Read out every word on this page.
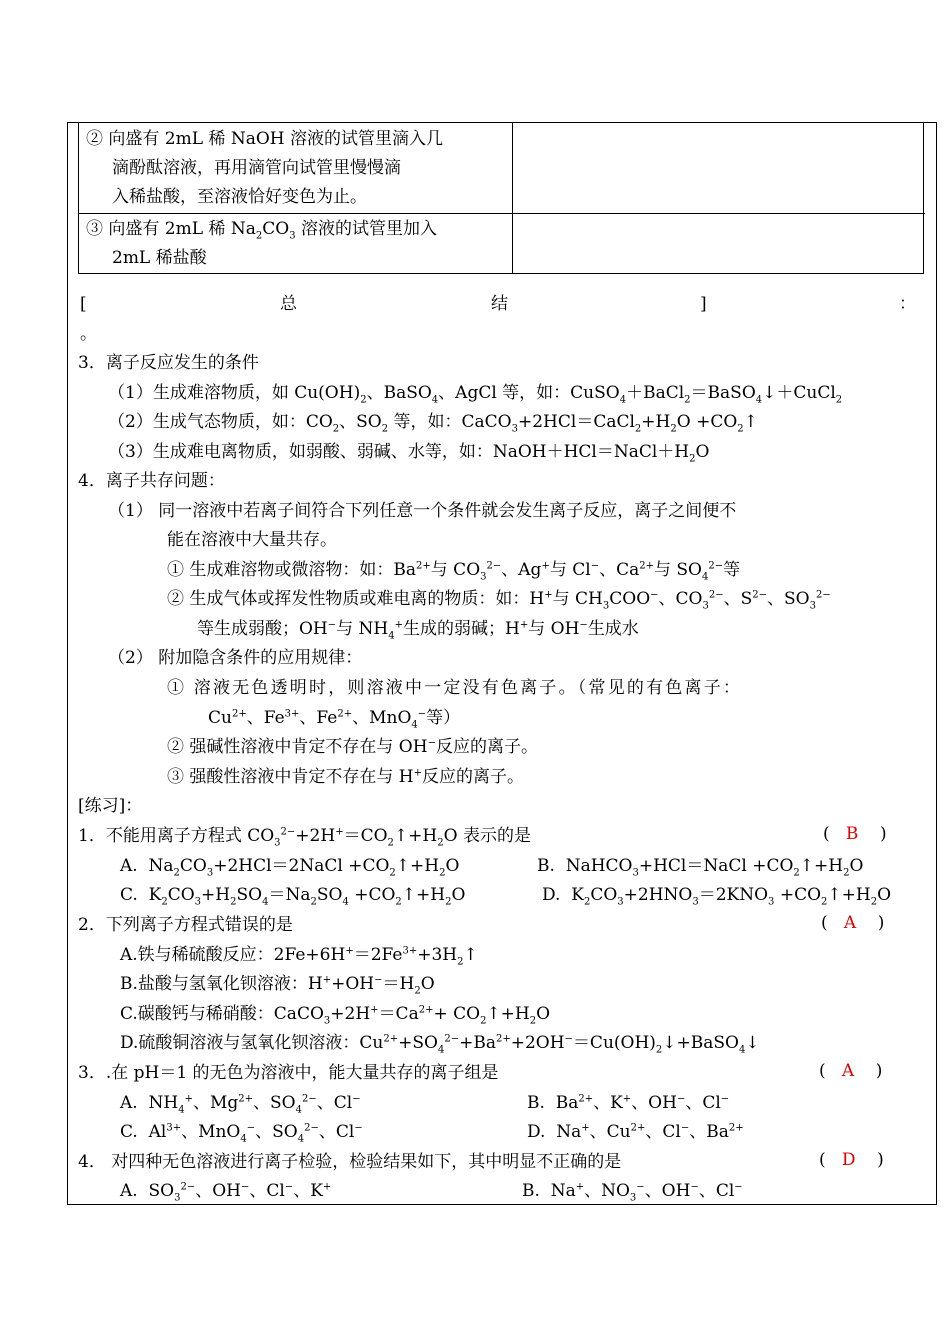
② 向盛有 2mL 稀 NaOH 溶液的试管里滴入几
滴酚酞溶液，再用滴管向试管里慢慢滴
入稀盐酸，至溶液恰好变色为止。
③ 向盛有 2mL 稀 $Na_2CO_3$ 溶液的试管里加入
2mL 稀盐酸
[	总	结	]	：
。
3．离子反应发生的条件
（1）生成难溶物质，如 $Cu(OH)_2$、BaSO$_4$、AgCl 等，如：CuSO$_4$＋BaCl$_2$＝BaSO$_4$↓＋CuCl$_2$
（2）生成气态物质，如：$CO_2$、$SO_2$ 等，如：$CaCO_3+2HCl=CaCl_2+H_2O$ $+CO_2↑$
（3）生成难电离物质，如弱酸、弱碱、水等，如：$NaOH+HCl=NaCl+H_2O$
4．离子共存问题：
（1） 同一溶液中若离子间符合下列任意一个条件就会发生离子反应，离子之间便不
能在溶液中大量共存。
① 生成难溶物或微溶物：如：$Ba^{2+}$与 $CO_3^{2-}$、Ag+与 Cl−、$Ca^{2+}$与 $SO_4^{2-}$等
② 生成气体或挥发性物质或难电离的物质：如：H+与 $CH_3COO^-$、$CO_3^{2-}$、$S^{2-}$、$SO_3^{2-}$
等生成弱酸；OH−与 $NH_4^+$生成的弱碱；H+与 OH−生成水
（2） 附加隐含条件的应用规律：
① 溶液无色透明时，则溶液中一定没有色离子。（常见的有色离子：
$Cu^{2+}$、$Fe^{3+}$、$Fe^{2+}$、MnO$_4$−等）
② 强碱性溶液中肯定不存在与 OH−反应的离子。
③ 强酸性溶液中肯定不存在与 H+反应的离子。
[练习]：
1．不能用离子方程式 $CO_3^{2-}+2H^+=CO_2↑+H_2O$ 表示的是	(   B    )
A.  $Na_2CO_3+2HCl=2NaCl$ $+CO_2↑+H_2O$	B.  NaHCO$_3$+HCl＝NaCl $+CO_2↑+H_2O$
C.  $K_2CO_3+H_2SO_4=Na_2SO_4$ $+CO_2↑+H_2O$	D.  $K_2CO_3+2HNO_3=2KNO_3$ $+CO_2↑+H_2O$
2．下列离子方程式错误的是	(   A    )
A.铁与稀硫酸反应：$2Fe+6H^+=2Fe^{3+}+3H_2↑$
B.盐酸与氢氧化钡溶液：$H^++OH^-=H_2O$
C.碳酸钙与稀硝酸：$CaCO_3+2H^+=Ca^{2+}+$ $CO_2↑+H_2O$
D.硫酸铜溶液与氢氧化钡溶液：$Cu^{2+}+SO_4^{2-}+Ba^{2+}+2OH^-=Cu(OH)_2↓+BaSO_4↓$
3．.在 pH＝1 的无色为溶液中，能大量共存的离子组是	(   A    )
A.  $NH_4^+$、$Mg^{2+}$、$SO_4^{2-}$、Cl−	B.  $Ba^{2+}$、K+、OH−、Cl−
C.  $Al^{3+}$、MnO$_4$−、$SO_4^{2-}$、Cl−	D.  Na+、$Cu^{2+}$、Cl−、$Ba^{2+}$
4． 对四种无色溶液进行离子检验，检验结果如下，其中明显不正确的是	(   D    )
A.  $SO_3^{2-}$、OH−、Cl−、K+	B.  Na+、$NO_3^-$、OH−、Cl−
